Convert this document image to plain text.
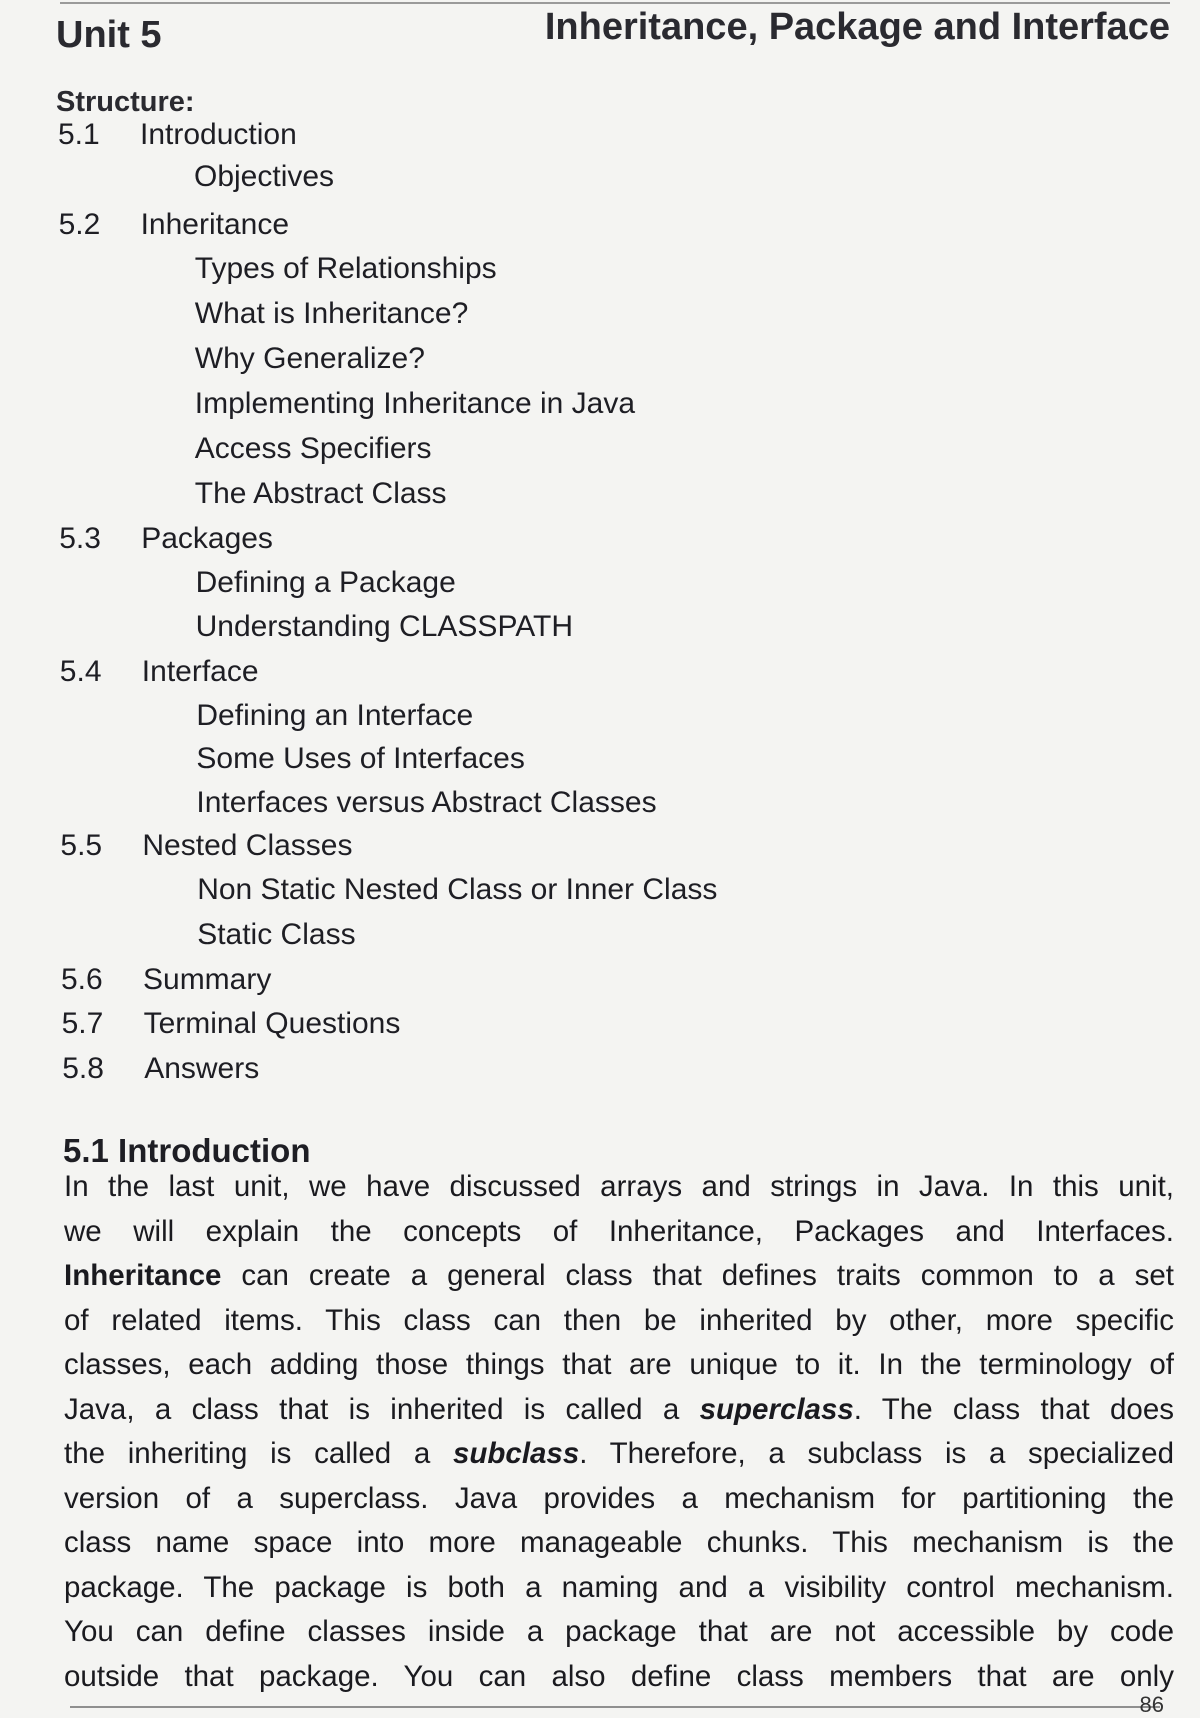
Unit 5	Inheritance, Package and Interface
Structure:
5.1 Introduction
Objectives
5.2 Inheritance
Types of Relationships
What is Inheritance?
Why Generalize?
Implementing Inheritance in Java
Access Specifiers
The Abstract Class
5.3 Packages
Defining a Package
Understanding CLASSPATH
5.4 Interface
Defining an Interface
Some Uses of Interfaces
Interfaces versus Abstract Classes
5.5 Nested Classes
Non Static Nested Class or Inner Class
Static Class
5.6 Summary
5.7 Terminal Questions
5.8 Answers
5.1 Introduction
In the last unit, we have discussed arrays and strings in Java. In this unit,
we will explain the concepts of Inheritance, Packages and Interfaces.
Inheritance can create a general class that defines traits common to a set
of related items. This class can then be inherited by other, more specific
classes, each adding those things that are unique to it. In the terminology of
Java, a class that is inherited is called a superclass. The class that does
the inheriting is called a subclass. Therefore, a subclass is a specialized
version of a superclass. Java provides a mechanism for partitioning the
class name space into more manageable chunks. This mechanism is the
package. The package is both a naming and a visibility control mechanism.
You can define classes inside a package that are not accessible by code
outside that package. You can also define class members that are only
86
